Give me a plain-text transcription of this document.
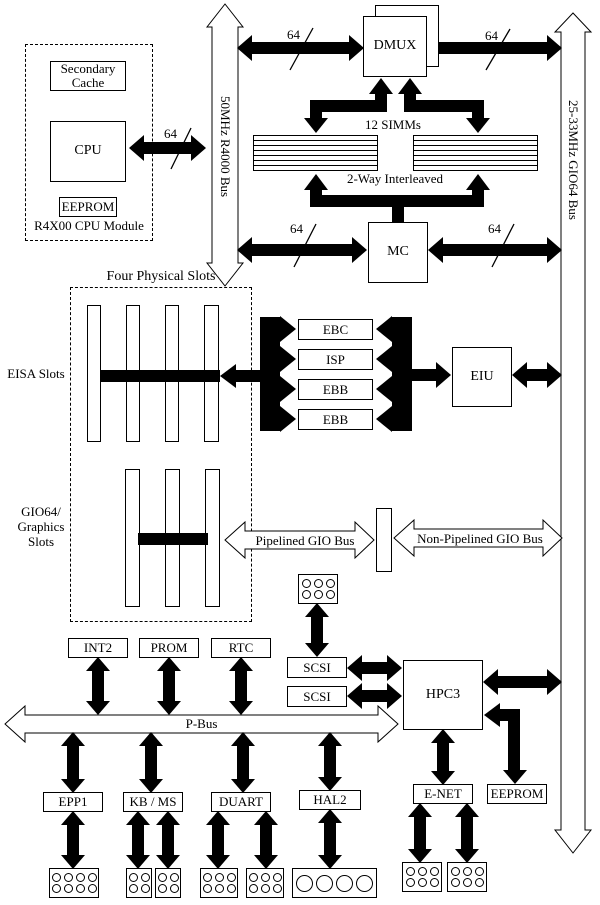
Secondary Cache
CPU
EEPROM
R4X00 CPU Module
DMUX
12 SIMMs
2-Way Interleaved
MC
50MHz R4000 Bus	25-33MHz GIO64 Bus
64	64
64
64	64
Four Physical Slots
EISA Slots
GIO64/ Graphics Slots
EBC
ISP
EBB
EBB
EIU
Pipelined GIO Bus	Non-Pipelined GIO Bus
INT2	PROM	RTC
P-Bus
SCSI
SCSI	HPC3
EPP1	KB / MS	DUART	HAL2	E-NET	EEPROM
